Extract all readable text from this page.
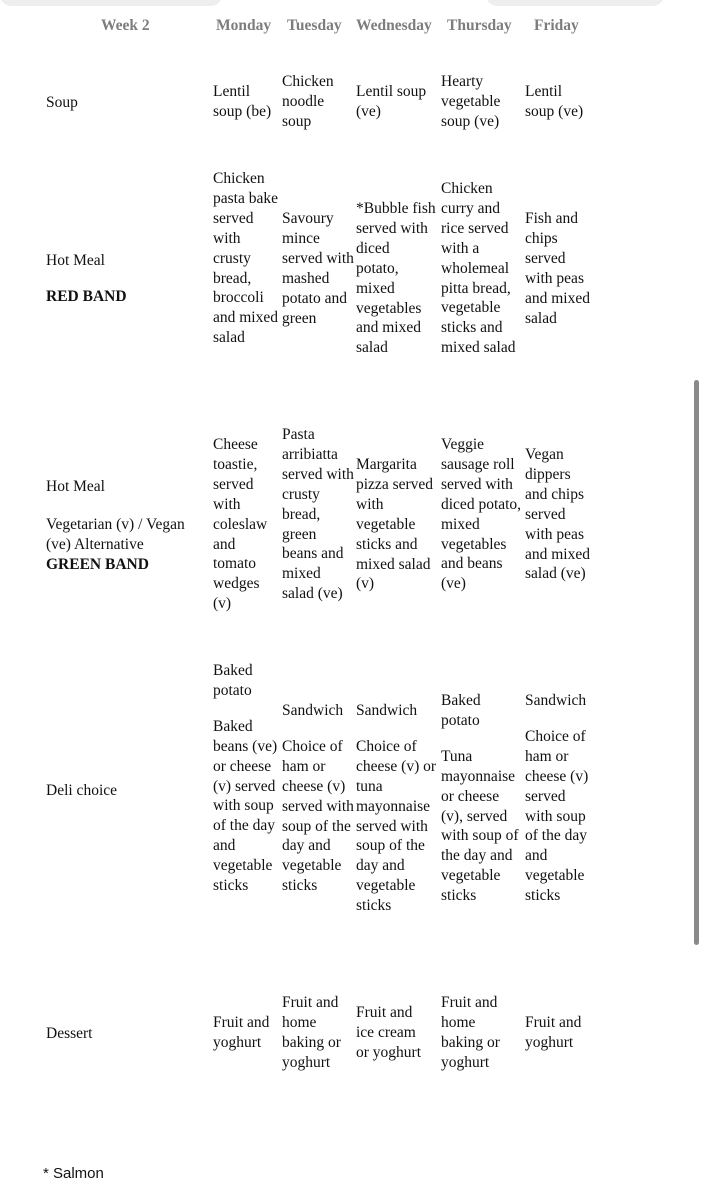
Week 2	Monday Tuesday Wednesday Thursday Friday

Soup

Lentil soup (be)
Chicken noodle soup
Lentil soup (ve)
Hearty vegetable soup (ve)
Lentil soup (ve)

Hot Meal

RED BAND

Chicken pasta bake served with crusty bread, broccoli and mixed salad
Savoury mince served with mashed potato and green
*Bubble fish served with diced potato, mixed vegetables and mixed salad
Chicken curry and rice served with a wholemeal pitta bread, vegetable sticks and mixed salad
Fish and chips served with peas and mixed salad

Hot Meal

Vegetarian (v) / Vegan (ve) Alternative

GREEN BAND

Cheese toastie, served with coleslaw and tomato wedges (v)
Pasta arribiatta served with crusty bread, green beans and mixed salad (ve)
Margarita pizza served with vegetable sticks and mixed salad (v)
Veggie sausage roll served with diced potato, mixed vegetables and beans (ve)
Vegan dippers and chips served with peas and mixed salad (ve)

Deli choice

Baked potato

Baked beans (ve) or cheese (v) served with soup of the day and vegetable sticks

Sandwich

Choice of ham or cheese (v) served with soup of the day and vegetable sticks

Sandwich

Choice of cheese (v) or tuna mayonnaise served with soup of the day and vegetable sticks

Baked potato

Tuna mayonnaise or cheese (v), served with soup of the day and vegetable sticks

Sandwich

Choice of ham or cheese (v) served with soup of the day and vegetable sticks

Dessert

Fruit and yoghurt
Fruit and home baking or yoghurt
Fruit and ice cream or yoghurt
Fruit and home baking or yoghurt
Fruit and yoghurt
* Salmon
